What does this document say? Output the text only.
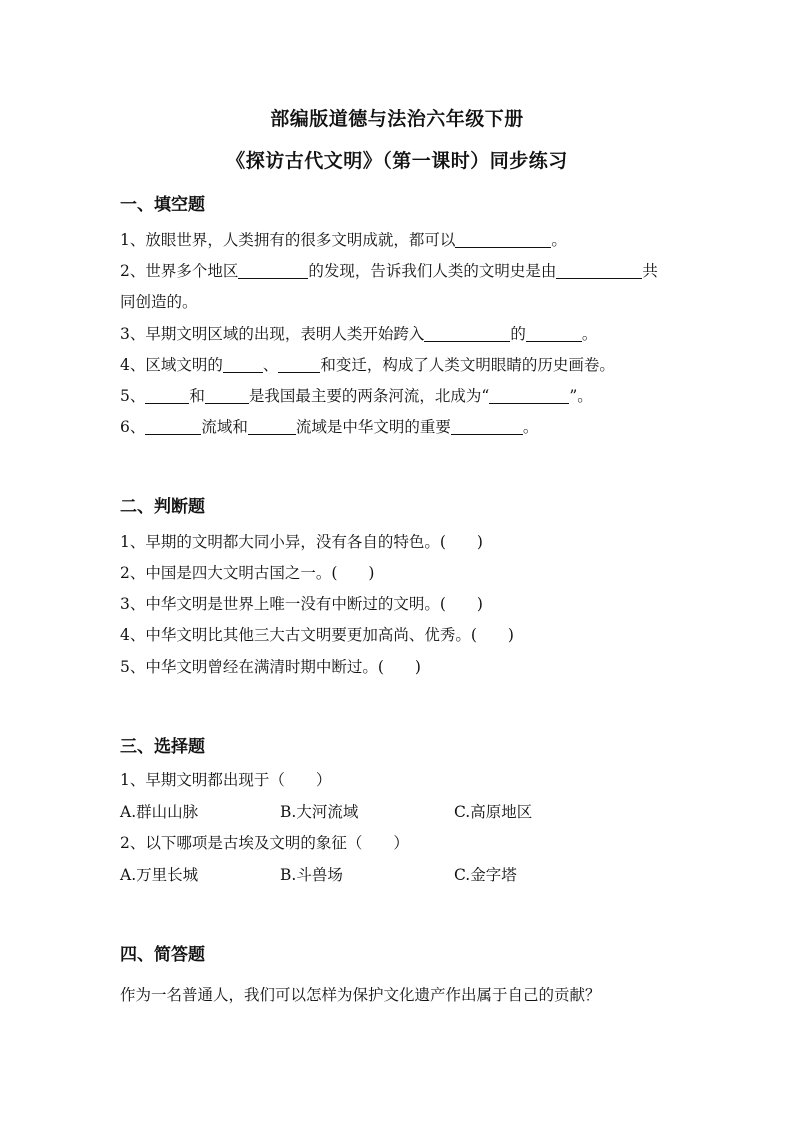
部编版道德与法治六年级下册
《探访古代文明》（第一课时）同步练习
一、填空题
1、放眼世界，人类拥有的很多文明成就，都可以	。
2、世界多个地区	的发现，告诉我们人类的文明史是由	共
同创造的。
3、早期文明区域的出现，表明人类开始跨入	的	。
4、区域文明的	、	和变迁，构成了人类文明眼睛的历史画卷。
5、	和	是我国最主要的两条河流，北成为“	”。
6、	流域和	流域是中华文明的重要	。
二、判断题
1、早期的文明都大同小异，没有各自的特色。(　　)
2、中国是四大文明古国之一。(　　)
3、中华文明是世界上唯一没有中断过的文明。(　　)
4、中华文明比其他三大古文明要更加高尚、优秀。(　　)
5、中华文明曾经在满清时期中断过。(　　)
三、选择题
1、早期文明都出现于（　　）
A.群山山脉	B.大河流域	C.高原地区
2、以下哪项是古埃及文明的象征（　　）
A.万里长城	B.斗兽场	C.金字塔
四、简答题
作为一名普通人，我们可以怎样为保护文化遗产作出属于自己的贡献？
